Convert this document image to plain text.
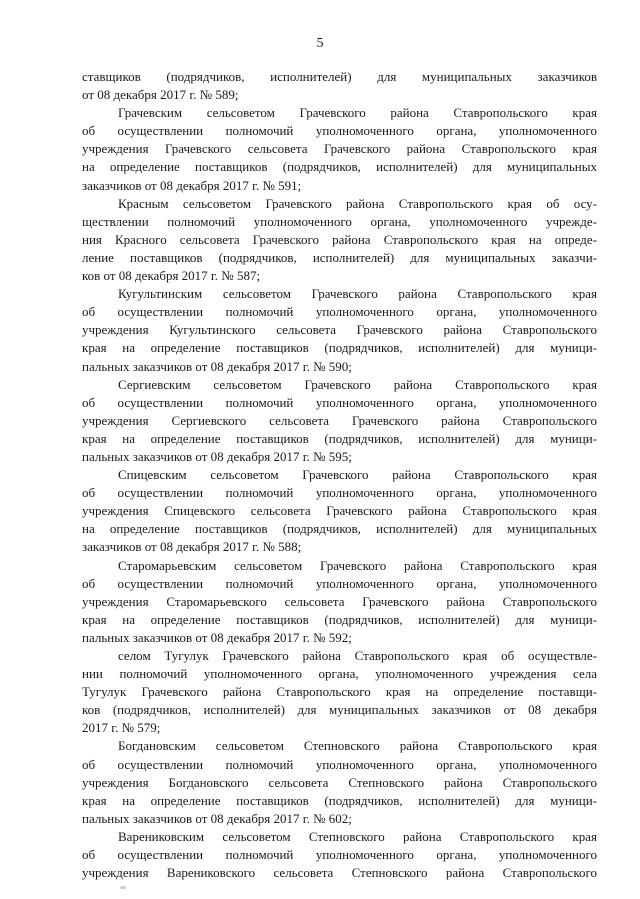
5
ставщиков (подрядчиков, исполнителей) для муниципальных заказчиков
от 08 декабря 2017 г. № 589;
Грачевским сельсоветом Грачевского района Ставропольского края
об осуществлении полномочий уполномоченного органа, уполномоченного
учреждения Грачевского сельсовета Грачевского района Ставропольского края
на определение поставщиков (подрядчиков, исполнителей) для муниципальных
заказчиков от 08 декабря 2017 г. № 591;
Красным сельсоветом Грачевского района Ставропольского края об осу-
ществлении полномочий уполномоченного органа, уполномоченного учрежде-
ния Красного сельсовета Грачевского района Ставропольского края на опреде-
ление поставщиков (подрядчиков, исполнителей) для муниципальных заказчи-
ков от 08 декабря 2017 г. № 587;
Кугультинским сельсоветом Грачевского района Ставропольского края
об осуществлении полномочий уполномоченного органа, уполномоченного
учреждения Кугультинского сельсовета Грачевского района Ставропольского
края на определение поставщиков (подрядчиков, исполнителей) для муници-
пальных заказчиков от 08 декабря 2017 г. № 590;
Сергиевским сельсоветом Грачевского района Ставропольского края
об осуществлении полномочий уполномоченного органа, уполномоченного
учреждения Сергиевского сельсовета Грачевского района Ставропольского
края на определение поставщиков (подрядчиков, исполнителей) для муници-
пальных заказчиков от 08 декабря 2017 г. № 595;
Спицевским сельсоветом Грачевского района Ставропольского края
об осуществлении полномочий уполномоченного органа, уполномоченного
учреждения Спицевского сельсовета Грачевского района Ставропольского края
на определение поставщиков (подрядчиков, исполнителей) для муниципальных
заказчиков от 08 декабря 2017 г. № 588;
Старомарьевским сельсоветом Грачевского района Ставропольского края
об осуществлении полномочий уполномоченного органа, уполномоченного
учреждения Старомарьевского сельсовета Грачевского района Ставропольского
края на определение поставщиков (подрядчиков, исполнителей) для муници-
пальных заказчиков от 08 декабря 2017 г. № 592;
селом Тугулук Грачевского района Ставропольского края об осуществле-
нии полномочий уполномоченного органа, уполномоченного учреждения села
Тугулук Грачевского района Ставропольского края на определение поставщи-
ков (подрядчиков, исполнителей) для муниципальных заказчиков от 08 декабря
2017 г. № 579;
Богдановским сельсоветом Степновского района Ставропольского края
об осуществлении полномочий уполномоченного органа, уполномоченного
учреждения Богдановского сельсовета Степновского района Ставропольского
края на определение поставщиков (подрядчиков, исполнителей) для муници-
пальных заказчиков от 08 декабря 2017 г. № 602;
Варениковским сельсоветом Степновского района Ставропольского края
об осуществлении полномочий уполномоченного органа, уполномоченного
учреждения Варениковского сельсовета Степновского района Ставропольского
